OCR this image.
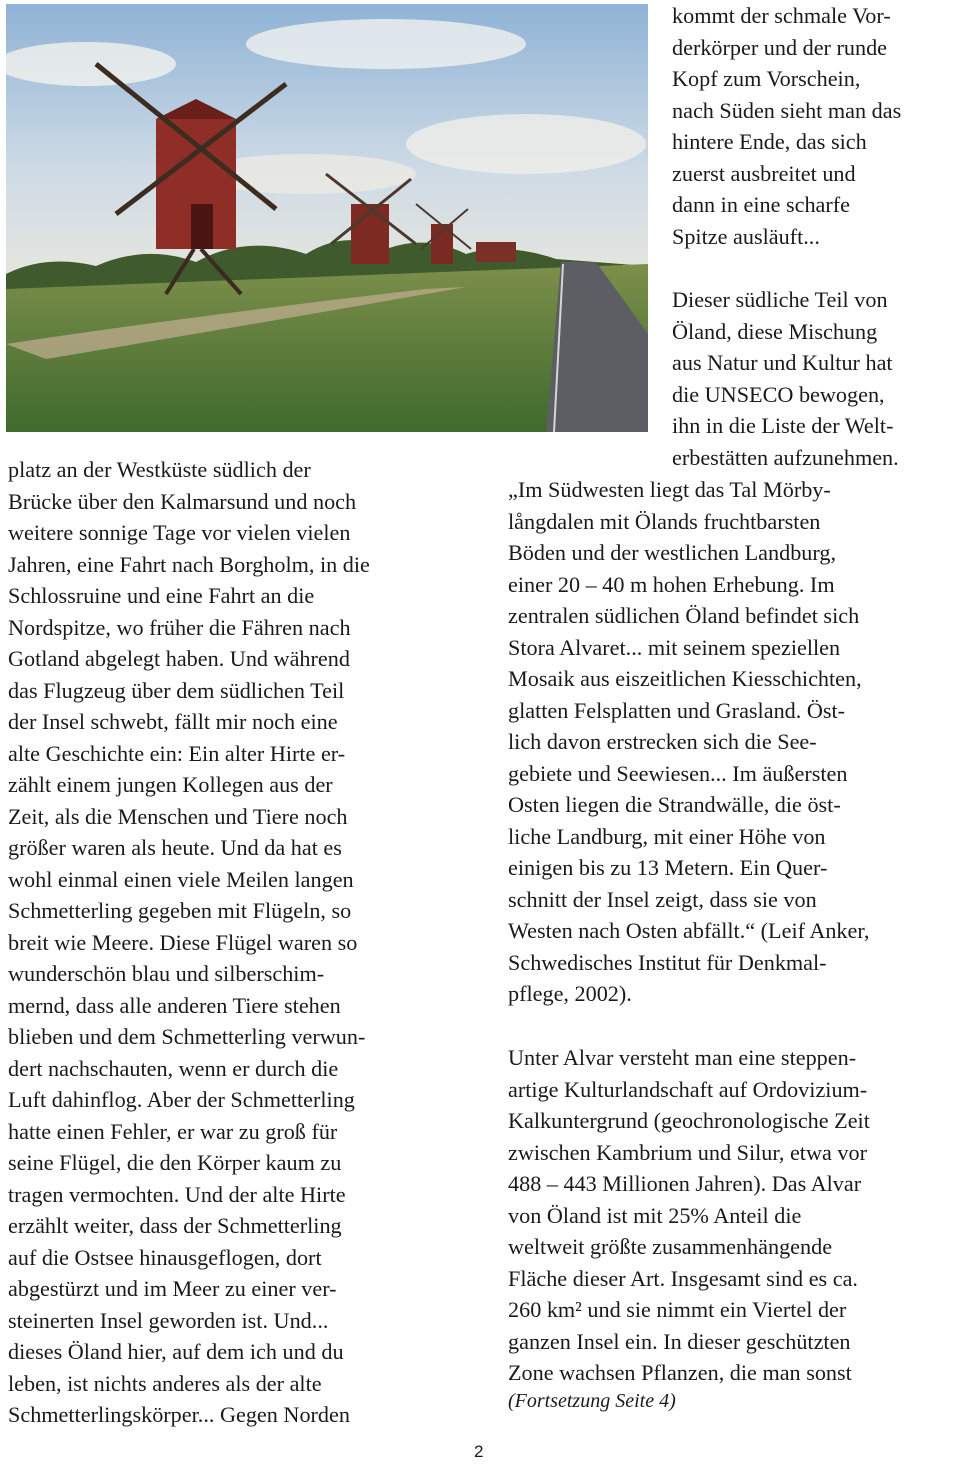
platz an der Westküste südlich der
Brücke über den Kalmarsund und noch
weitere sonnige Tage vor vielen vielen
Jahren, eine Fahrt nach Borgholm, in die
Schlossruine und eine Fahrt an die
Nordspitze, wo früher die Fähren nach
Gotland abgelegt haben. Und während
das Flugzeug über dem südlichen Teil
der Insel schwebt, fällt mir noch eine
alte Geschichte ein: Ein alter Hirte er-
zählt einem jungen Kollegen aus der
Zeit, als die Menschen und Tiere noch
größer waren als heute. Und da hat es
wohl einmal einen viele Meilen langen
Schmetterling gegeben mit Flügeln, so
breit wie Meere. Diese Flügel waren so
wunderschön blau und silberschim-
mernd, dass alle anderen Tiere stehen
blieben und dem Schmetterling verwun-
dert nachschauten, wenn er durch die
Luft dahinflog. Aber der Schmetterling
hatte einen Fehler, er war zu groß für
seine Flügel, die den Körper kaum zu
tragen vermochten. Und der alte Hirte
erzählt weiter, dass der Schmetterling
auf die Ostsee hinausgeflogen, dort
abgestürzt und im Meer zu einer ver-
steinerten Insel geworden ist. Und...
dieses Öland hier, auf dem ich und du
leben, ist nichts anderes als der alte
Schmetterlingskörper... Gegen Norden
kommt der schmale Vor-
derkörper und der runde
Kopf zum Vorschein,
nach Süden sieht man das
hintere Ende, das sich
zuerst ausbreitet und
dann in eine scharfe
Spitze ausläuft...
Dieser südliche Teil von
Öland, diese Mischung
aus Natur und Kultur hat
die UNSECO bewogen,
ihn in die Liste der Welt-
erbestätten aufzunehmen.
„Im Südwesten liegt das Tal Mörby-
långdalen mit Ölands fruchtbarsten
Böden und der westlichen Landburg,
einer 20 – 40 m hohen Erhebung. Im
zentralen südlichen Öland befindet sich
Stora Alvaret... mit seinem speziellen
Mosaik aus eiszeitlichen Kiesschichten,
glatten Felsplatten und Grasland. Öst-
lich davon erstrecken sich die See-
gebiete und Seewiesen... Im äußersten
Osten liegen die Strandwälle, die öst-
liche Landburg, mit einer Höhe von
einigen bis zu 13 Metern. Ein Quer-
schnitt der Insel zeigt, dass sie von
Westen nach Osten abfällt.“ (Leif Anker,
Schwedisches Institut für Denkmal-
pflege, 2002).
Unter Alvar versteht man eine steppen-
artige Kulturlandschaft auf Ordovizium-
Kalkuntergrund (geochronologische Zeit
zwischen Kambrium und Silur, etwa vor
488 – 443 Millionen Jahren). Das Alvar
von Öland ist mit 25% Anteil die
weltweit größte zusammenhängende
Fläche dieser Art. Insgesamt sind es ca.
260 km² und sie nimmt ein Viertel der
ganzen Insel ein. In dieser geschützten
Zone wachsen Pflanzen, die man sonst
(Fortsetzung Seite 4)
2
